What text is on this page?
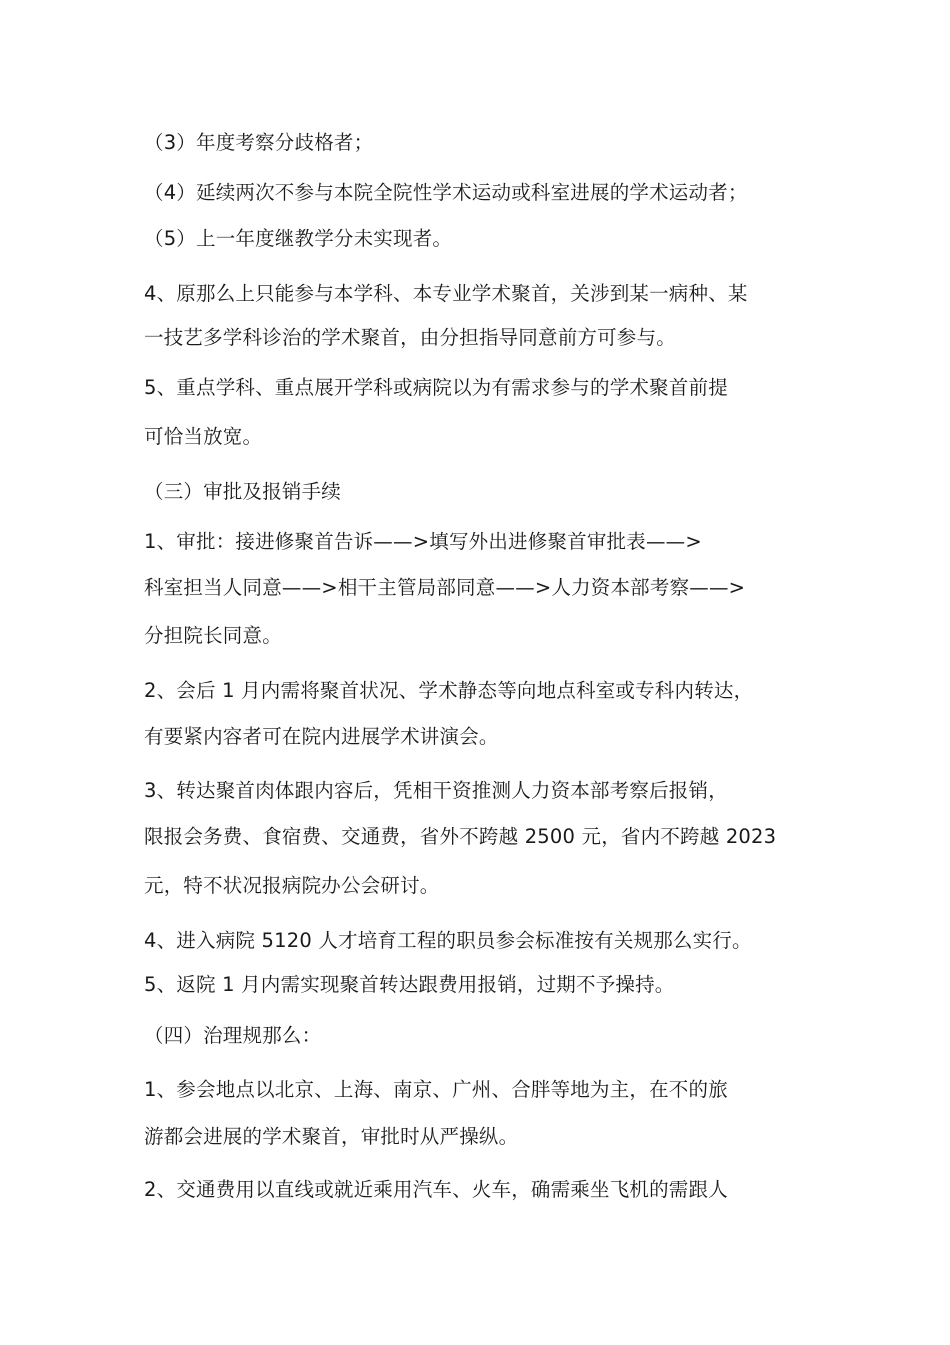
（3）年度考察分歧格者；
（4）延续两次不参与本院全院性学术运动或科室进展的学术运动者；
（5）上一年度继教学分未实现者。
4、原那么上只能参与本学科、本专业学术聚首，关涉到某一病种、某
一技艺多学科诊治的学术聚首，由分担指导同意前方可参与。
5、重点学科、重点展开学科或病院以为有需求参与的学术聚首前提
可恰当放宽。
（三）审批及报销手续
1、审批：接进修聚首告诉——>填写外出进修聚首审批表——>
科室担当人同意——>相干主管局部同意——>人力资本部考察——>
分担院长同意。
2、会后 1 月内需将聚首状况、学术静态等向地点科室或专科内转达，
有要紧内容者可在院内进展学术讲演会。
3、转达聚首肉体跟内容后，凭相干资推测人力资本部考察后报销，
限报会务费、食宿费、交通费，省外不跨越 2500 元，省内不跨越 2023
元，特不状况报病院办公会研讨。
4、进入病院 5120 人才培育工程的职员参会标准按有关规那么实行。
5、返院 1 月内需实现聚首转达跟费用报销，过期不予操持。
（四）治理规那么：
1、参会地点以北京、上海、南京、广州、合胖等地为主，在不的旅
游都会进展的学术聚首，审批时从严操纵。
2、交通费用以直线或就近乘用汽车、火车，确需乘坐飞机的需跟人
